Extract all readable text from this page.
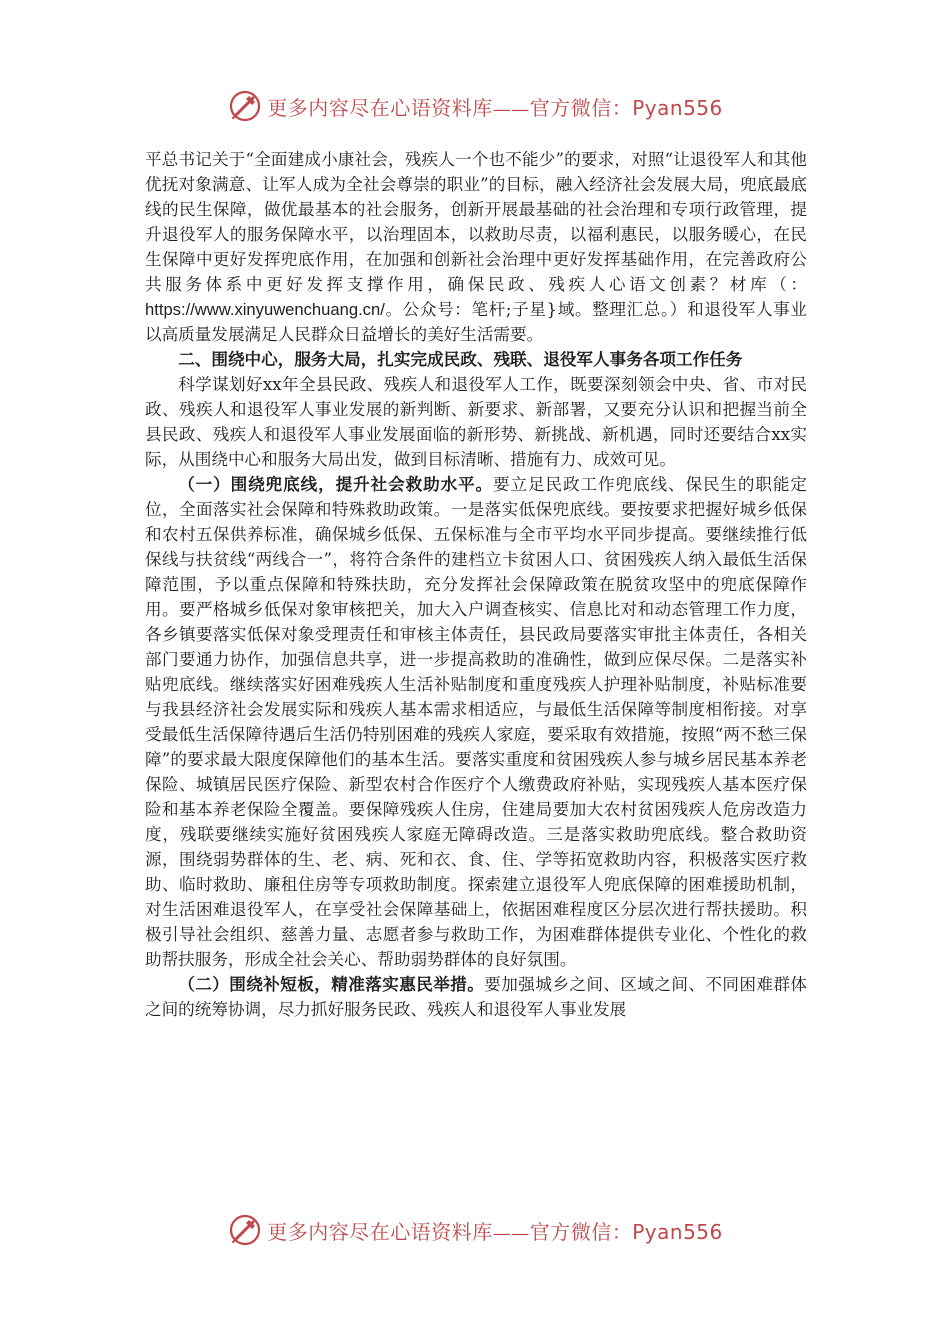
更多内容尽在心语资料库——官方微信：Pyan556

平总书记关于“全面建成小康社会，残疾人一个也不能少”的要求，对照“让退役军人和其他优抚对象满意、让军人成为全社会尊崇的职业”的目标，融入经济社会发展大局，兜底最底线的民生保障，做优最基本的社会服务，创新开展最基础的社会治理和专项行政管理，提升退役军人的服务保障水平，以治理固本，以救助尽责，以福利惠民，以服务暖心，在民生保障中更好发挥兜底作用，在加强和创新社会治理中更好发挥基础作用，在完善政府公共服务体系中更好发挥支撑作用，确保民政、残疾人心语文创素？材库（：https://www.xinyuwenchuang.cn/。公众号：笔杆;子星}域。整理汇总。）和退役军人事业以高质量发展满足人民群众日益增长的美好生活需要。

二、围绕中心，服务大局，扎实完成民政、残联、退役军人事务各项工作任务

科学谋划好xx年全县民政、残疾人和退役军人工作，既要深刻领会中央、省、市对民政、残疾人和退役军人事业发展的新判断、新要求、新部署，又要充分认识和把握当前全县民政、残疾人和退役军人事业发展面临的新形势、新挑战、新机遇，同时还要结合xx实际，从围绕中心和服务大局出发，做到目标清晰、措施有力、成效可见。

（一）围绕兜底线，提升社会救助水平。要立足民政工作兜底线、保民生的职能定位，全面落实社会保障和特殊救助政策。一是落实低保兜底线。要按要求把握好城乡低保和农村五保供养标准，确保城乡低保、五保标准与全市平均水平同步提高。要继续推行低保线与扶贫线“两线合一”，将符合条件的建档立卡贫困人口、贫困残疾人纳入最低生活保障范围，予以重点保障和特殊扶助，充分发挥社会保障政策在脱贫攻坚中的兜底保障作用。要严格城乡低保对象审核把关，加大入户调查核实、信息比对和动态管理工作力度，各乡镇要落实低保对象受理责任和审核主体责任，县民政局要落实审批主体责任，各相关部门要通力协作，加强信息共享，进一步提高救助的准确性，做到应保尽保。二是落实补贴兜底线。继续落实好困难残疾人生活补贴制度和重度残疾人护理补贴制度，补贴标准要与我县经济社会发展实际和残疾人基本需求相适应，与最低生活保障等制度相衔接。对享受最低生活保障待遇后生活仍特别困难的残疾人家庭，要采取有效措施，按照“两不愁三保障”的要求最大限度保障他们的基本生活。要落实重度和贫困残疾人参与城乡居民基本养老保险、城镇居民医疗保险、新型农村合作医疗个人缴费政府补贴，实现残疾人基本医疗保险和基本养老保险全覆盖。要保障残疾人住房，住建局要加大农村贫困残疾人危房改造力度，残联要继续实施好贫困残疾人家庭无障碍改造。三是落实救助兜底线。整合救助资源，围绕弱势群体的生、老、病、死和衣、食、住、学等拓宽救助内容，积极落实医疗救助、临时救助、廉租住房等专项救助制度。探索建立退役军人兜底保障的困难援助机制，对生活困难退役军人，在享受社会保障基础上，依据困难程度区分层次进行帮扶援助。积极引导社会组织、慈善力量、志愿者参与救助工作，为困难群体提供专业化、个性化的救助帮扶服务，形成全社会关心、帮助弱势群体的良好氛围。

（二）围绕补短板，精准落实惠民举措。要加强城乡之间、区域之间、不同困难群体之间的统筹协调，尽力抓好服务民政、残疾人和退役军人事业发展

更多内容尽在心语资料库——官方微信：Pyan556
